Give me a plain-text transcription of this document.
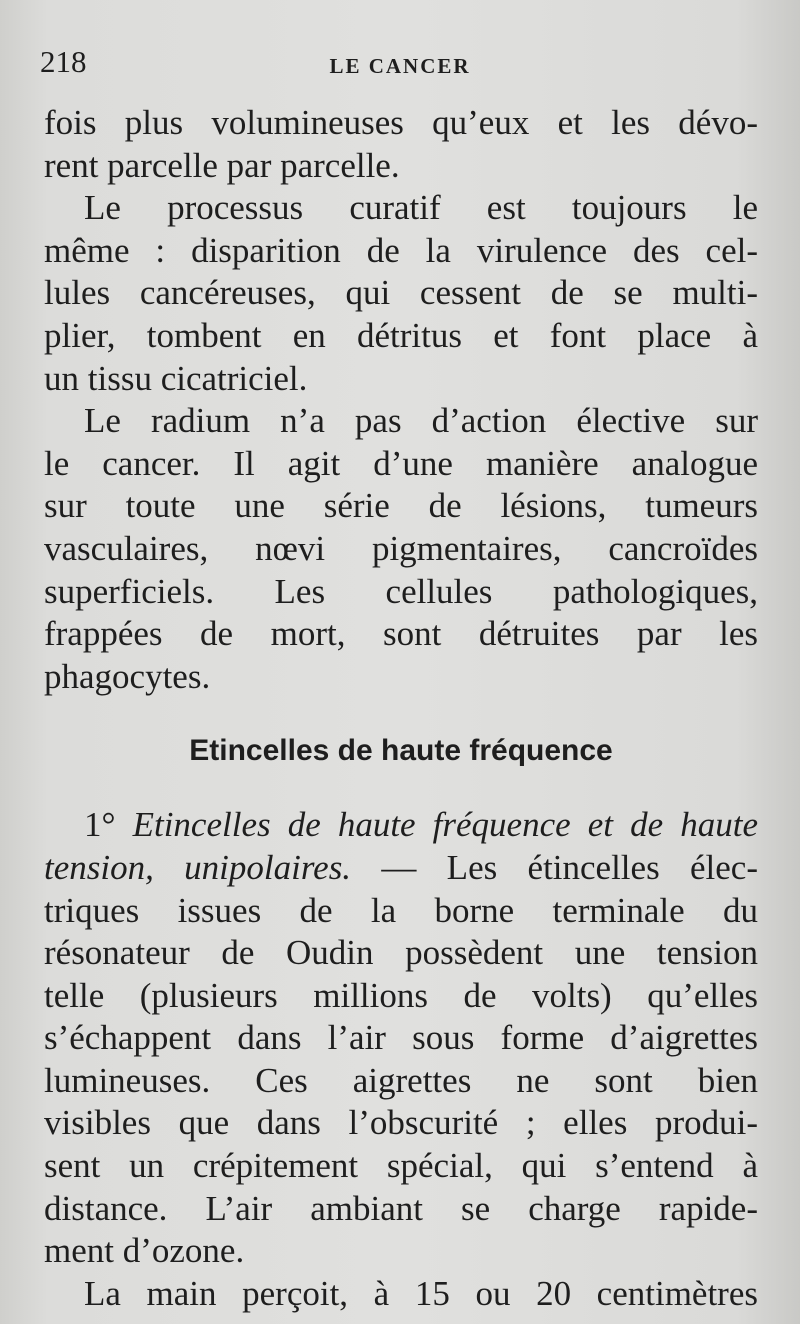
218	LE CANCER

fois plus volumineuses qu’eux et les dévo-

rent parcelle par parcelle.

Le processus curatif est toujours le

même : disparition de la virulence des cel-

lules cancéreuses, qui cessent de se multi-

plier, tombent en détritus et font place à

un tissu cicatriciel.

Le radium n’a pas d’action élective sur

le cancer. Il agit d’une manière analogue

sur toute une série de lésions, tumeurs

vasculaires, nœvi pigmentaires, cancroïdes

superficiels. Les cellules pathologiques,

frappées de mort, sont détruites par les

phagocytes.

Etincelles de haute fréquence

1° Etincelles de haute fréquence et de haute

tension, unipolaires. — Les étincelles élec-

triques issues de la borne terminale du

résonateur de Oudin possèdent une tension

telle (plusieurs millions de volts) qu’elles

s’échappent dans l’air sous forme d’aigrettes

lumineuses. Ces aigrettes ne sont bien

visibles que dans l’obscurité ; elles produi-

sent un crépitement spécial, qui s’entend à

distance. L’air ambiant se charge rapide-

ment d’ozone.

La main perçoit, à 15 ou 20 centimètres
